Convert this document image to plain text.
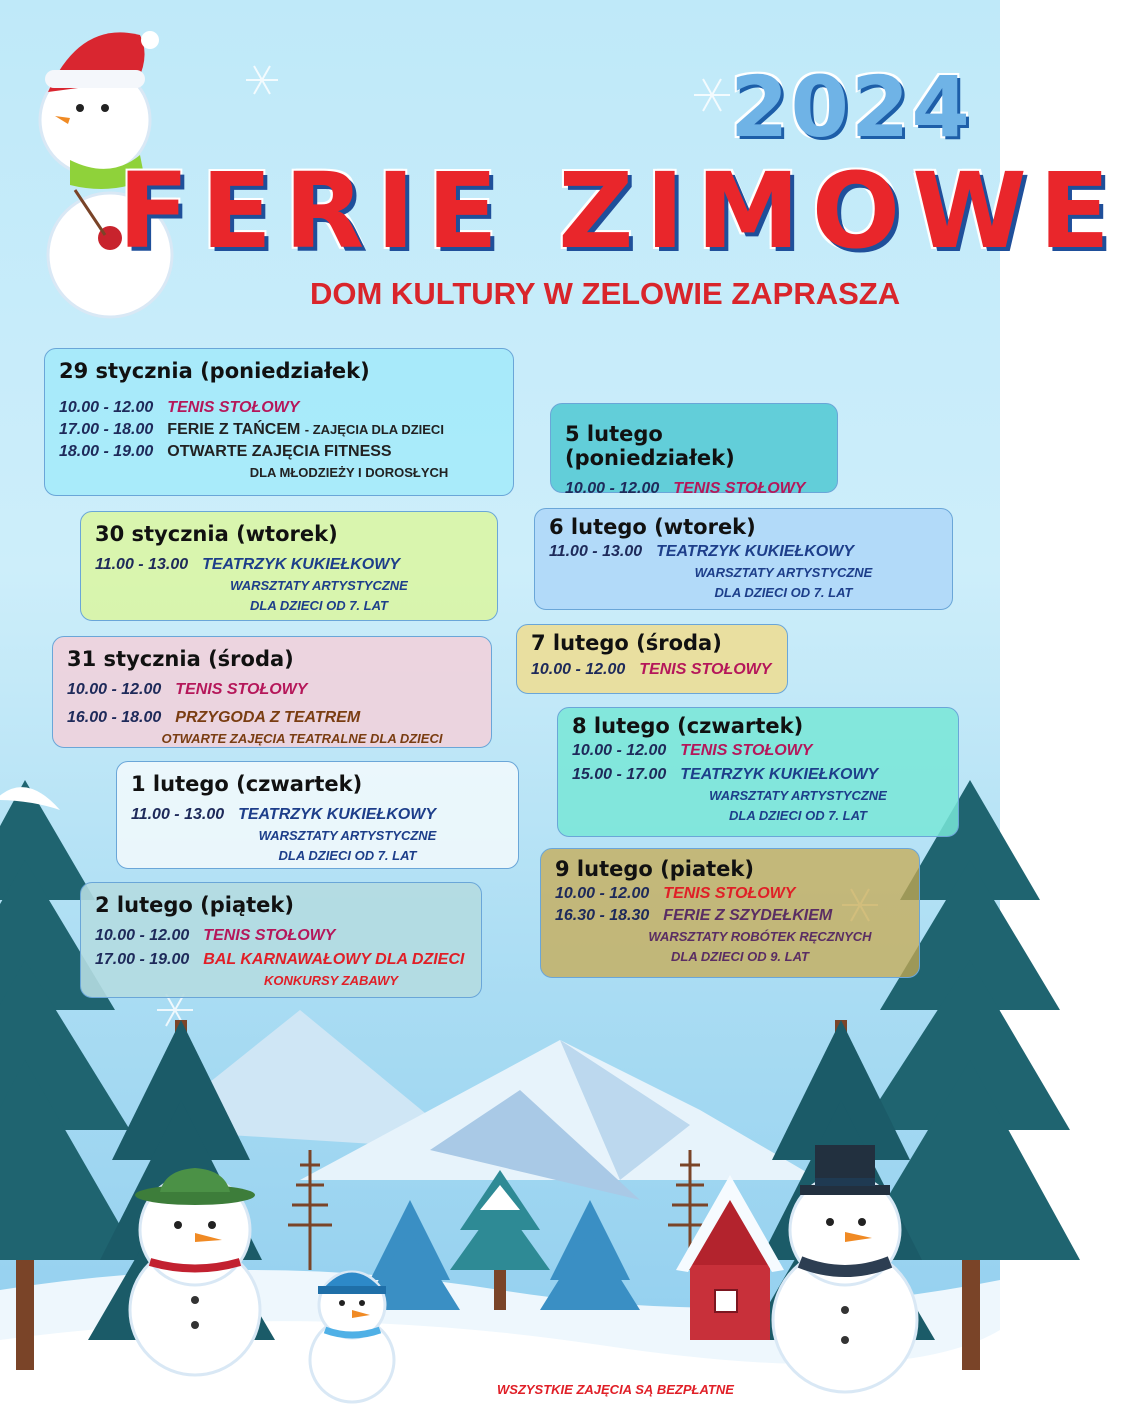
2024
FERIE ZIMOWE

DOM KULTURY W ZELOWIE ZAPRASZA

29 stycznia (poniedziałek)
10.00 - 12.00 TENIS STOŁOWY
17.00 - 18.00 FERIE Z TAŃCEM - ZAJĘCIA DLA DZIECI
18.00 - 19.00 OTWARTE ZAJĘCIA FITNESS
DLA MŁODZIEŻY I DOROSŁYCH
30 stycznia (wtorek)
11.00 - 13.00 TEATRZYK KUKIEŁKOWY
WARSZTATY ARTYSTYCZNE
DLA DZIECI OD 7. LAT
31 stycznia (środa)
10.00 - 12.00 TENIS STOŁOWY
16.00 - 18.00 PRZYGODA Z TEATREM
OTWARTE ZAJĘCIA TEATRALNE DLA DZIECI
1 lutego (czwartek)
11.00 - 13.00 TEATRZYK KUKIEŁKOWY
WARSZTATY ARTYSTYCZNE
DLA DZIECI OD 7. LAT
2 lutego (piątek)
10.00 - 12.00 TENIS STOŁOWY
17.00 - 19.00 BAL KARNAWAŁOWY DLA DZIECI
KONKURSY ZABAWY
5 lutego (poniedziałek)
10.00 - 12.00 TENIS STOŁOWY
6 lutego (wtorek)
11.00 - 13.00 TEATRZYK KUKIEŁKOWY
WARSZTATY ARTYSTYCZNE
DLA DZIECI OD 7. LAT
7 lutego (środa)
10.00 - 12.00 TENIS STOŁOWY
8 lutego (czwartek)
10.00 - 12.00 TENIS STOŁOWY
15.00 - 17.00 TEATRZYK KUKIEŁKOWY
WARSZTATY ARTYSTYCZNE
DLA DZIECI OD 7. LAT
9 lutego (piatek)
10.00 - 12.00 TENIS STOŁOWY
16.30 - 18.30 FERIE Z SZYDEŁKIEM
WARSZTATY ROBÓTEK RĘCZNYCH
DLA DZIECI OD 9. LAT
WSZYSTKIE ZAJĘCIA SĄ BEZPŁATNE
